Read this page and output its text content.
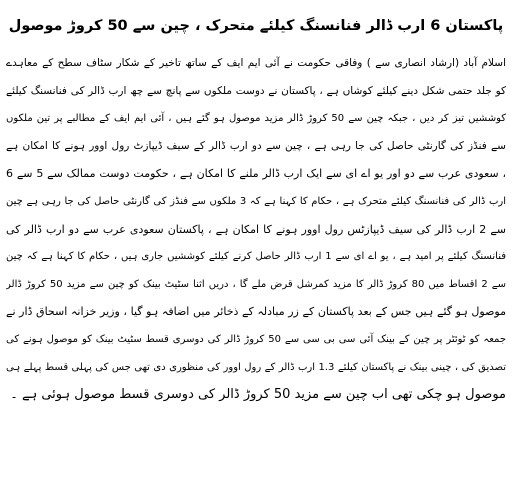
پاکستان 6 ارب ڈالر فنانسنگ کیلئے متحرک ، چین سے 50 کروڑ موصول
اسلام آباد (ارشاد انصاری سے ) وفاقی حکومت نے آئی ایم ایف کے ساتھ تاخیر کے شکار سٹاف سطح کے معاہدے
کو جلد حتمی شکل دینے کیلئے کوشاں ہے ، پاکستان نے دوست ملکوں سے پانچ سے چھ ارب ڈالر کی فنانسنگ کیلئے
کوششیں تیز کر دیں ، جبکہ چین سے 50 کروڑ ڈالر مزید موصول ہو گئے ہیں ، آئی ایم ایف کے مطالبے پر تین ملکوں
سے فنڈز کی گارنٹی حاصل کی جا رہی ہے ، چین سے دو ارب ڈالر کے سیف ڈیپازٹ رول اوور ہونے کا امکان ہے
، سعودی عرب سے دو اور یو اے ای سے ایک ارب ڈالر ملنے کا امکان ہے ، حکومت دوست ممالک سے 5 سے 6
ارب ڈالر کی فنانسنگ کیلئے متحرک ہے ، حکام کا کہنا ہے کہ 3 ملکوں سے فنڈز کی گارنٹی حاصل کی جا رہی ہے چین
سے 2 ارب ڈالر کی سیف ڈیپازٹس رول اوور ہونے کا امکان ہے ، پاکستان سعودی عرب سے دو ارب ڈالر کی
فنانسنگ کیلئے پر امید ہے ، یو اے ای سے 1 ارب ڈالر حاصل کرنے کیلئے کوششیں جاری ہیں ، حکام کا کہنا ہے کہ چین
سے 2 اقساط میں 80 کروڑ ڈالر کا مزید کمرشل قرض ملے گا ، دریں اثنا سٹیٹ بینک کو چین سے مزید 50 کروڑ ڈالر
موصول ہو گئے ہیں جس کے بعد پاکستان کے زر مبادلہ کے ذخائر میں اضافہ ہو گیا ، وزیر خزانہ اسحاق ڈار نے
جمعہ کو ٹوئٹر پر چین کے بینک آئی سی بی سی سے 50 کروڑ ڈالر کی دوسری قسط سٹیٹ بینک کو موصول ہونے کی
تصدیق کی ، چینی بینک نے پاکستان کیلئے 1.3 ارب ڈالر کے رول اوور کی منظوری دی تھی جس کی پہلی قسط پہلے ہی
موصول ہو چکی تھی اب چین سے مزید 50 کروڑ ڈالر کی دوسری قسط موصول ہوئی ہے ۔
